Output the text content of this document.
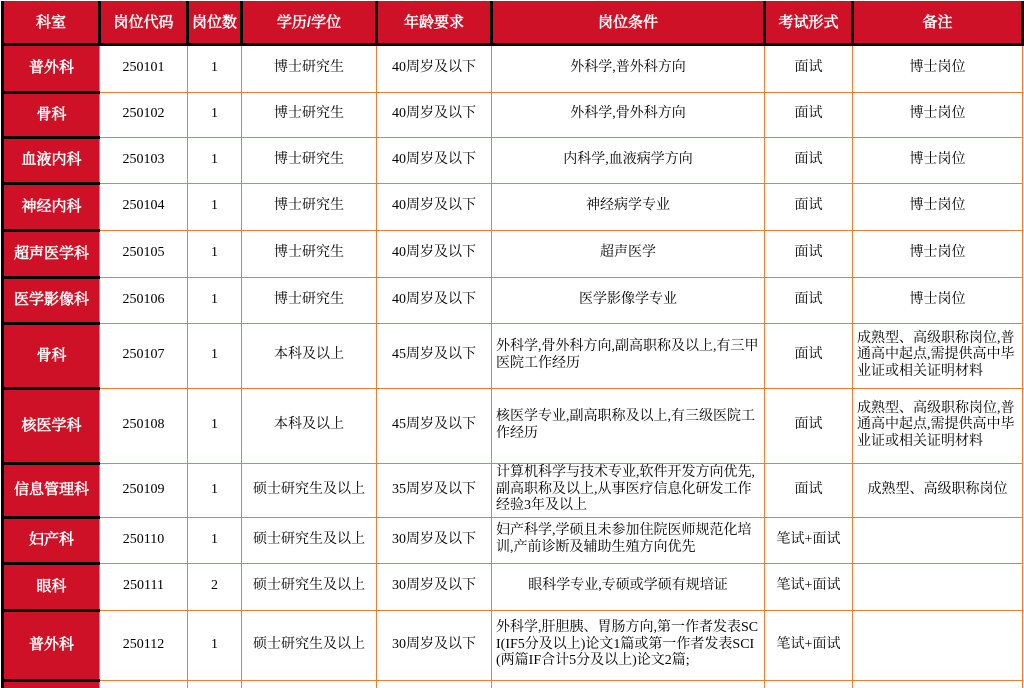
科室	岗位代码	岗位数	学历/学位	年龄要求	岗位条件	考试形式	备注
普外科	250101	1	博士研究生	40周岁及以下	外科学,普外科方向	面试	博士岗位
骨科	250102	1	博士研究生	40周岁及以下	外科学,骨外科方向	面试	博士岗位
血液内科	250103	1	博士研究生	40周岁及以下	内科学,血液病学方向	面试	博士岗位
神经内科	250104	1	博士研究生	40周岁及以下	神经病学专业	面试	博士岗位
超声医学科	250105	1	博士研究生	40周岁及以下	超声医学	面试	博士岗位
医学影像科	250106	1	博士研究生	40周岁及以下	医学影像学专业	面试	博士岗位
骨科	250107	1	本科及以上	45周岁及以下	外科学,骨外科方向,副高职称及以上,有三甲医院工作经历	面试	成熟型、高级职称岗位,普通高中起点,需提供高中毕业证或相关证明材料
核医学科	250108	1	本科及以上	45周岁及以下	核医学专业,副高职称及以上,有三级医院工作经历	面试	成熟型、高级职称岗位,普通高中起点,需提供高中毕业证或相关证明材料
信息管理科	250109	1	硕士研究生及以上	35周岁及以下	计算机科学与技术专业,软件开发方向优先,副高职称及以上,从事医疗信息化研发工作经验3年及以上	面试	成熟型、高级职称岗位
妇产科	250110	1	硕士研究生及以上	30周岁及以下	妇产科学,学硕且未参加住院医师规范化培训,产前诊断及辅助生殖方向优先	笔试+面试	
眼科	250111	2	硕士研究生及以上	30周岁及以下	眼科学专业,专硕或学硕有规培证	笔试+面试	
普外科	250112	1	硕士研究生及以上	30周岁及以下	外科学,肝胆胰、胃肠方向,第一作者发表SCI(IF5分及以上)论文1篇或第一作者发表SCI(两篇IF合计5分及以上)论文2篇;	笔试+面试	
